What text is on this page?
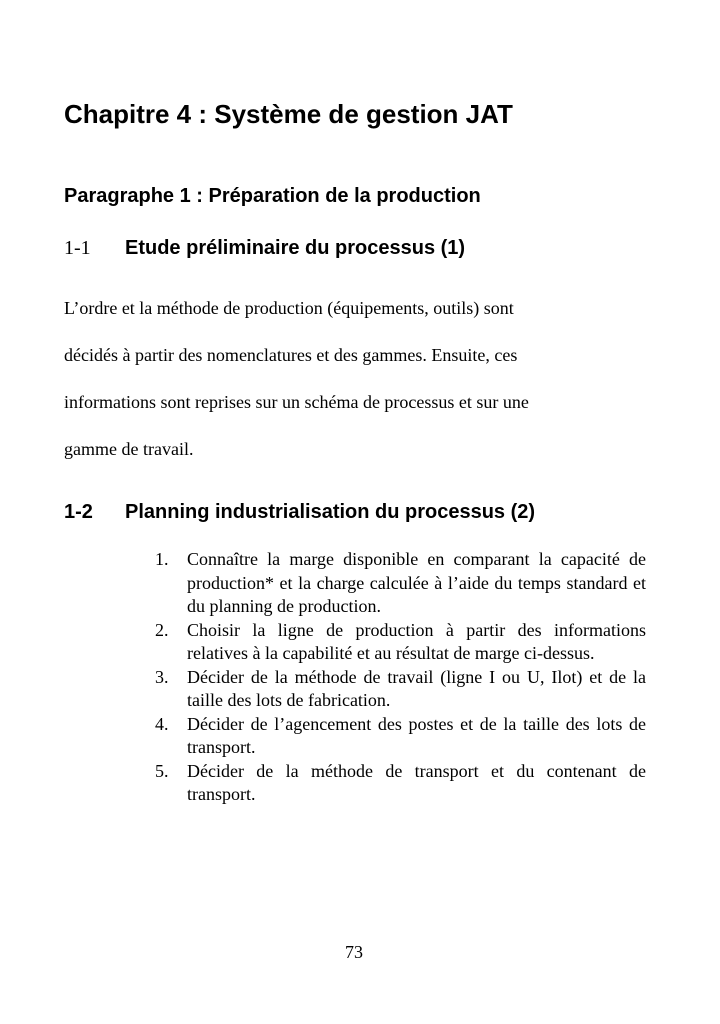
Chapitre 4 : Système de gestion JAT
Paragraphe 1 : Préparation de la production
1-1 Etude préliminaire du processus (1)

L’ordre et la méthode de production (équipements, outils) sont
décidés à partir des nomenclatures et des gammes. Ensuite, ces
informations sont reprises sur un schéma de processus et sur une
gamme de travail.

1-2 Planning industrialisation du processus (2)
1. Connaître la marge disponible en comparant la capacité de production* et la charge calculée à l’aide du temps standard et du planning de production.
2. Choisir la ligne de production à partir des informations relatives à la capabilité et au résultat de marge ci-dessus.
3. Décider de la méthode de travail (ligne I ou U, Ilot) et de la taille des lots de fabrication.
4. Décider de l’agencement des postes et de la taille des lots de transport.
5. Décider de la méthode de transport et du contenant de transport.

73
